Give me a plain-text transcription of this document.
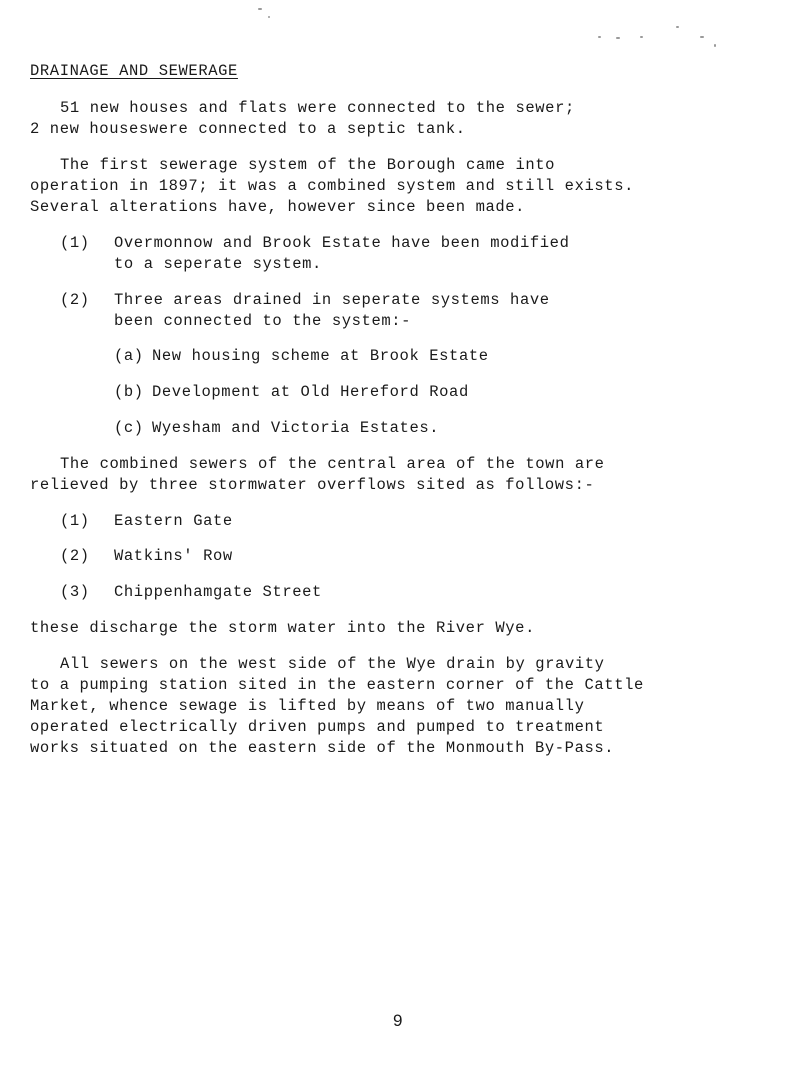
DRAINAGE AND SEWERAGE
51 new houses and flats were connected to the sewer;
2 new houseswere connected to a septic tank.
The first sewerage system of the Borough came into
operation in 1897; it was a combined system and still exists.
Several alterations have, however since been made.
(1) Overmonnow and Brook Estate have been modified
to a seperate system.
(2) Three areas drained in seperate systems have
been connected to the system:-
(a) New housing scheme at Brook Estate
(b) Development at Old Hereford Road
(c) Wyesham and Victoria Estates.
The combined sewers of the central area of the town are
relieved by three stormwater overflows sited as follows:-
(1) Eastern Gate
(2) Watkins' Row
(3) Chippenhamgate Street
these discharge the storm water into the River Wye.
All sewers on the west side of the Wye drain by gravity
to a pumping station sited in the eastern corner of the Cattle
Market, whence sewage is lifted by means of two manually
operated electrically driven pumps and pumped to treatment
works situated on the eastern side of the Monmouth By-Pass.
9
